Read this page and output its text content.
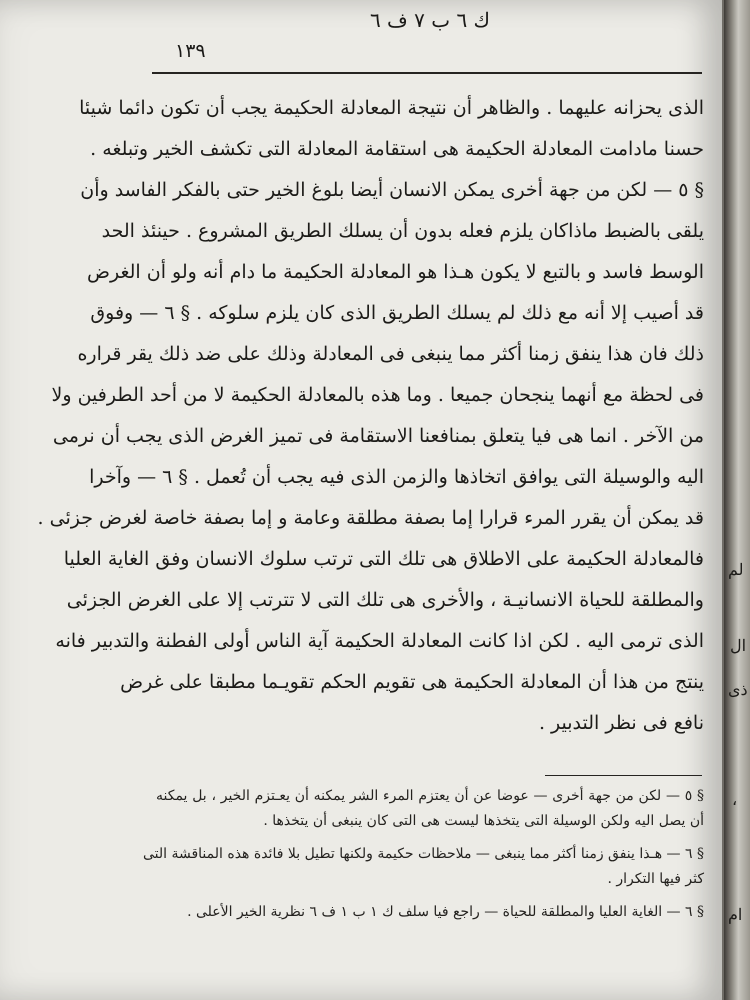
ك ٦ ب ٧ ف ٦
١٣٩
الذى يحزانه عليهما . والظاهر أن نتيجة المعادلة الحكيمة يجب أن تكون دائما شيئا
حسنا مادامت المعادلة الحكيمة هى استقامة المعادلة التى تكشف الخير وتبلغه .
§ ٥ — لكن من جهة أخرى يمكن الانسان أيضا بلوغ الخير حتى بالفكر الفاسد وأن
يلقى بالضبط ماذاكان يلزم فعله بدون أن يسلك الطريق المشروع . حينئذ الحد
الوسط فاسد و بالتبع لا يكون هـذا هو المعادلة الحكيمة ما دام أنه ولو أن الغرض
قد أصيب إلا أنه مع ذلك لم يسلك الطريق الذى كان يلزم سلوكه . § ٦ — وفوق
ذلك فان هذا ينفق زمنا أكثر مما ينبغى فى المعادلة وذلك على ضد ذلك يقر قراره
فى لحظة مع أنهما ينجحان جميعا . وما هذه بالمعادلة الحكيمة لا من أحد الطرفين ولا
من الآخر . انما هى فيا يتعلق بمنافعنا الاستقامة فى تميز الغرض الذى يجب أن نرمى
اليه والوسيلة التى يوافق اتخاذها والزمن الذى فيه يجب أن تُعمل . § ٦ — وآخرا
قد يمكن أن يقرر المرء قرارا إما بصفة مطلقة وعامة و إما بصفة خاصة لغرض جزئى .
فالمعادلة الحكيمة على الاطلاق هى تلك التى ترتب سلوك الانسان وفق الغاية العليا
والمطلقة للحياة الانسانيـة ، والأخرى هى تلك التى لا تترتب إلا على الغرض الجزئى
الذى ترمى اليه . لكن اذا كانت المعادلة الحكيمة آية الناس أولى الفطنة والتدبير فانه
ينتج من هذا أن المعادلة الحكيمة هى تقويم الحكم تقويـما مطبقا على غرض
نافع فى نظر التدبير .
§ ٥ — لكن من جهة أخرى — عوضا عن أن يعتزم المرء الشر يمكنه أن يعـتزم الخير ، بل يمكنه
أن يصل اليه ولكن الوسيلة التى يتخذها ليست هى التى كان ينبغى أن يتخذها .
§ ٦ — هـذا ينفق زمنا أكثر مما ينبغى — ملاحظات حكيمة ولكنها تطيل بلا فائدة هذه المناقشة التى
كثر فيها التكرار .
§ ٦ — الغاية العليا والمطلقة للحياة — راجع فيا سلف ك ١ ب ١ ف ٦ نظرية الخير الأعلى .
لم
ال
ذى
ام
،
